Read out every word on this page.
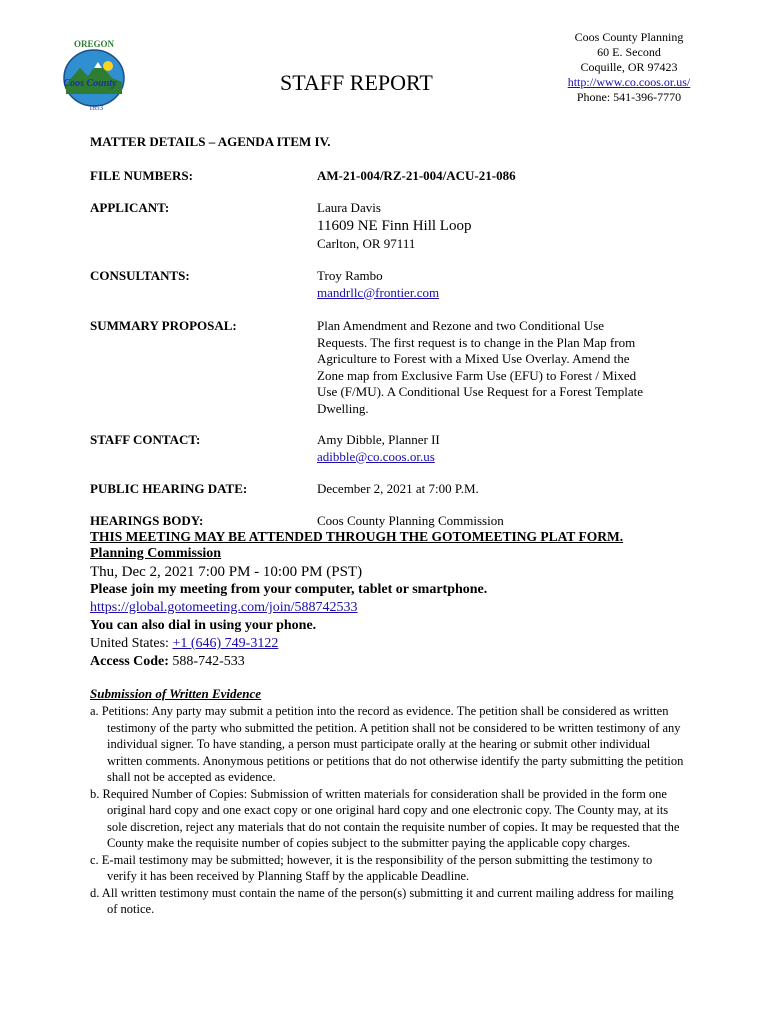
OREGON
Coos County
1853
STAFF REPORT
Coos County Planning
60 E. Second
Coquille, OR 97423
http://www.co.coos.or.us/
Phone: 541-396-7770
MATTER DETAILS – AGENDA ITEM IV.
FILE NUMBERS:	AM-21-004/RZ-21-004/ACU-21-086
APPLICANT:	Laura Davis
11609 NE Finn Hill Loop
Carlton, OR 97111
CONSULTANTS:	Troy Rambo
mandrllc@frontier.com
SUMMARY PROPOSAL:	Plan Amendment and Rezone and two Conditional Use
Requests. The first request is to change in the Plan Map from
Agriculture to Forest with a Mixed Use Overlay. Amend the
Zone map from Exclusive Farm Use (EFU) to Forest / Mixed
Use (F/MU). A Conditional Use Request for a Forest Template
Dwelling.
STAFF CONTACT:	Amy Dibble, Planner II
adibble@co.coos.or.us
PUBLIC HEARING DATE:	December 2, 2021 at 7:00 P.M.
HEARINGS BODY:	Coos County Planning Commission
THIS MEETING MAY BE ATTENDED THROUGH THE GOTOMEETING PLAT FORM.
Planning Commission
Thu, Dec 2, 2021 7:00 PM - 10:00 PM (PST)
Please join my meeting from your computer, tablet or smartphone.
https://global.gotomeeting.com/join/588742533
You can also dial in using your phone.
United States: +1 (646) 749-3122
Access Code: 588-742-533
Submission of Written Evidence

a. Petitions: Any party may submit a petition into the record as evidence. The petition shall be considered as written testimony of the party who submitted the petition. A petition shall not be considered to be written testimony of any individual signer. To have standing, a person must participate orally at the hearing or submit other individual written comments. Anonymous petitions or petitions that do not otherwise identify the party submitting the petition shall not be accepted as evidence.

b. Required Number of Copies: Submission of written materials for consideration shall be provided in the form one original hard copy and one exact copy or one original hard copy and one electronic copy. The County may, at its sole discretion, reject any materials that do not contain the requisite number of copies. It may be requested that the County make the requisite number of copies subject to the submitter paying the applicable copy charges.

c. E-mail testimony may be submitted; however, it is the responsibility of the person submitting the testimony to verify it has been received by Planning Staff by the applicable Deadline.

d. All written testimony must contain the name of the person(s) submitting it and current mailing address for mailing of notice.
